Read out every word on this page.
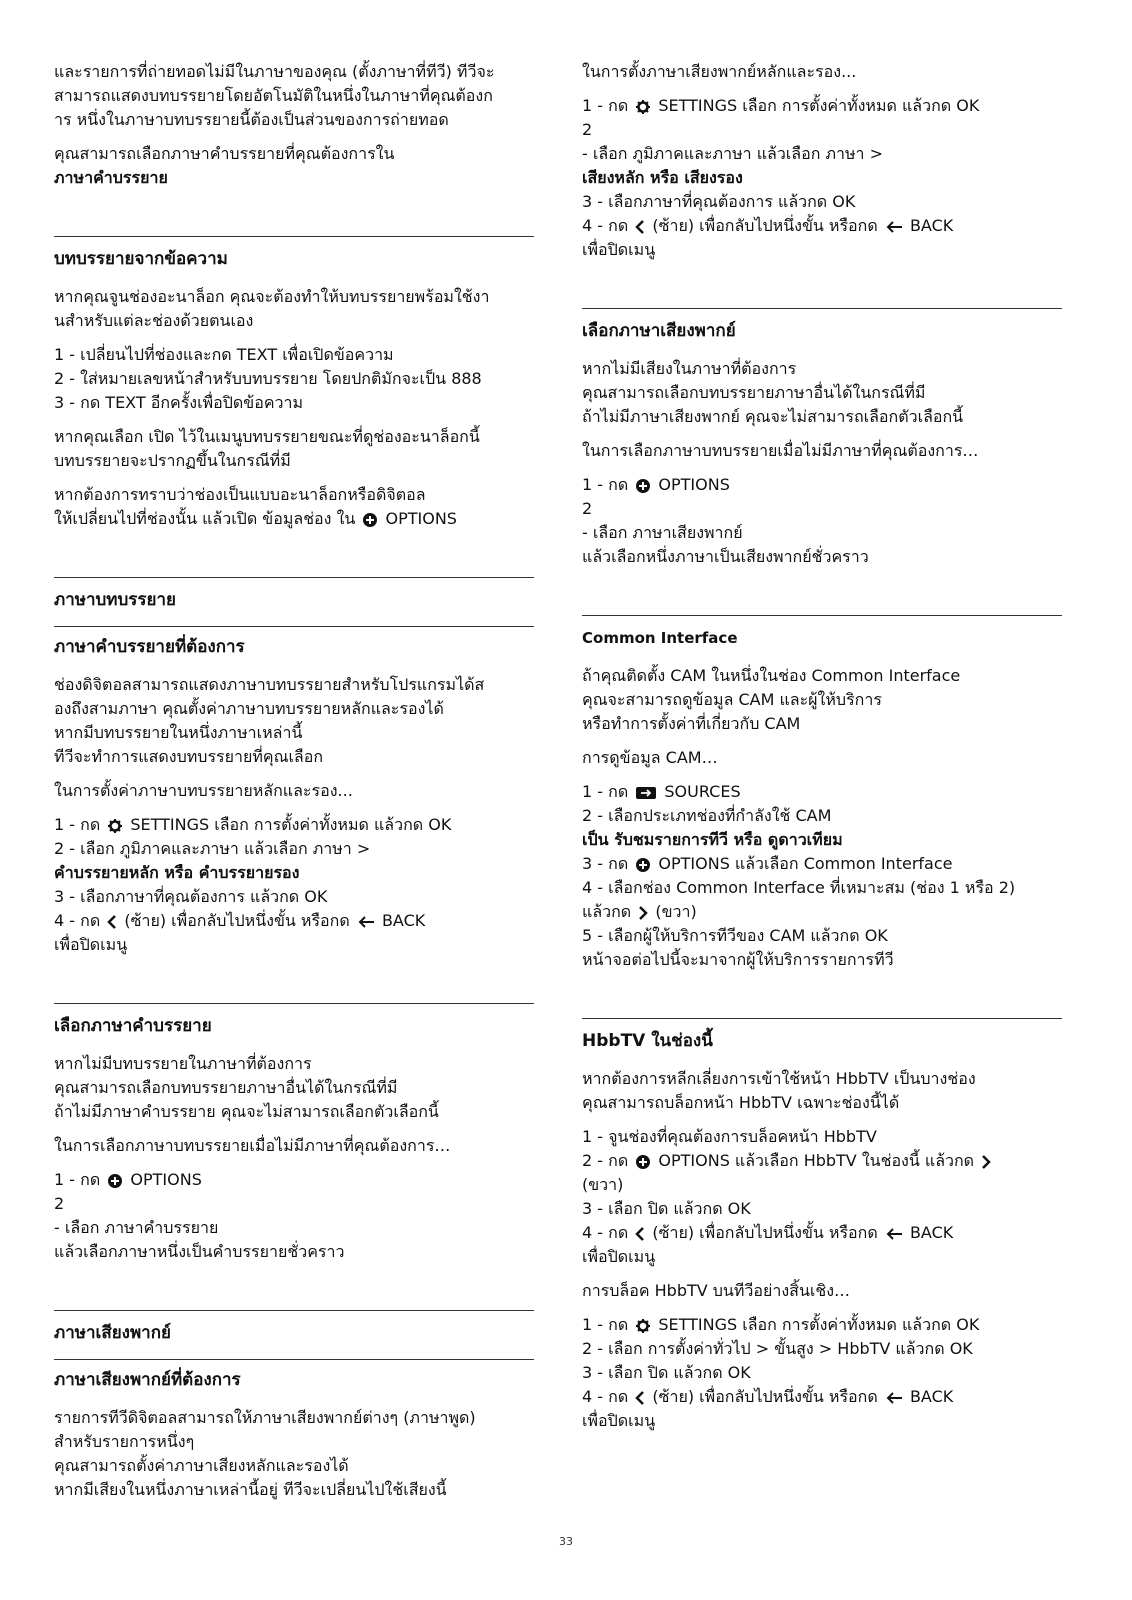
และรายการที่ถ่ายทอดไม่มีในภาษาของคุณ (ตั้งภาษาที่ทีวี) ทีวีจะ
สามารถแสดงบทบรรยายโดยอัตโนมัติในหนึ่งในภาษาที่คุณต้องก
าร หนึ่งในภาษาบทบรรยายนี้ต้องเป็นส่วนของการถ่ายทอด

คุณสามารถเลือกภาษาคำบรรยายที่คุณต้องการใน
ภาษาคำบรรยาย

บทบรรยายจากข้อความ

หากคุณจูนช่องอะนาล็อก คุณจะต้องทำให้บทบรรยายพร้อมใช้งา
นสำหรับแต่ละช่องด้วยตนเอง

1 - เปลี่ยนไปที่ช่องและกด TEXT เพื่อเปิดข้อความ
2 - ใส่หมายเลขหน้าสำหรับบทบรรยาย โดยปกติมักจะเป็น 888
3 - กด TEXT อีกครั้งเพื่อปิดข้อความ

หากคุณเลือก เปิด ไว้ในเมนูบทบรรยายขณะที่ดูช่องอะนาล็อกนี้
บทบรรยายจะปรากฏขึ้นในกรณีที่มี

หากต้องการทราบว่าช่องเป็นแบบอะนาล็อกหรือดิจิตอล
ให้เปลี่ยนไปที่ช่องนั้น แล้วเปิด ข้อมูลช่อง ใน OPTIONS

ภาษาบทบรรยาย
ภาษาคำบรรยายที่ต้องการ

ช่องดิจิตอลสามารถแสดงภาษาบทบรรยายสำหรับโปรแกรมได้ส
องถึงสามภาษา คุณตั้งค่าภาษาบทบรรยายหลักและรองได้
หากมีบทบรรยายในหนึ่งภาษาเหล่านี้
ทีวีจะทำการแสดงบทบรรยายที่คุณเลือก

ในการตั้งค่าภาษาบทบรรยายหลักและรอง...

1 - กด SETTINGS เลือก การตั้งค่าทั้งหมด แล้วกด OK
2 - เลือก ภูมิภาคและภาษา แล้วเลือก ภาษา >
คำบรรยายหลัก หรือ คำบรรยายรอง
3 - เลือกภาษาที่คุณต้องการ แล้วกด OK
4 - กด (ซ้าย) เพื่อกลับไปหนึ่งขั้น หรือกด BACK
เพื่อปิดเมนู

เลือกภาษาคำบรรยาย

หากไม่มีบทบรรยายในภาษาที่ต้องการ
คุณสามารถเลือกบทบรรยายภาษาอื่นได้ในกรณีที่มี
ถ้าไม่มีภาษาคำบรรยาย คุณจะไม่สามารถเลือกตัวเลือกนี้

ในการเลือกภาษาบทบรรยายเมื่อไม่มีภาษาที่คุณต้องการ…

1 - กด OPTIONS
2
- เลือก ภาษาคำบรรยาย
แล้วเลือกภาษาหนึ่งเป็นคำบรรยายชั่วคราว

ภาษาเสียงพากย์
ภาษาเสียงพากย์ที่ต้องการ

รายการทีวีดิจิตอลสามารถให้ภาษาเสียงพากย์ต่างๆ (ภาษาพูด)
สำหรับรายการหนึ่งๆ
คุณสามารถตั้งค่าภาษาเสียงหลักและรองได้
หากมีเสียงในหนึ่งภาษาเหล่านี้อยู่ ทีวีจะเปลี่ยนไปใช้เสียงนี้

ในการตั้งภาษาเสียงพากย์หลักและรอง...

1 - กด SETTINGS เลือก การตั้งค่าทั้งหมด แล้วกด OK
2
- เลือก ภูมิภาคและภาษา แล้วเลือก ภาษา >
เสียงหลัก หรือ เสียงรอง
3 - เลือกภาษาที่คุณต้องการ แล้วกด OK
4 - กด (ซ้าย) เพื่อกลับไปหนึ่งขั้น หรือกด BACK
เพื่อปิดเมนู

เลือกภาษาเสียงพากย์

หากไม่มีเสียงในภาษาที่ต้องการ
คุณสามารถเลือกบทบรรยายภาษาอื่นได้ในกรณีที่มี
ถ้าไม่มีภาษาเสียงพากย์ คุณจะไม่สามารถเลือกตัวเลือกนี้

ในการเลือกภาษาบทบรรยายเมื่อไม่มีภาษาที่คุณต้องการ…

1 - กด OPTIONS
2
- เลือก ภาษาเสียงพากย์
แล้วเลือกหนึ่งภาษาเป็นเสียงพากย์ชั่วคราว

Common Interface

ถ้าคุณติดตั้ง CAM ในหนึ่งในช่อง Common Interface
คุณจะสามารถดูข้อมูล CAM และผู้ให้บริการ
หรือทำการตั้งค่าที่เกี่ยวกับ CAM

การดูข้อมูล CAM…

1 - กด SOURCES
2 - เลือกประเภทช่องที่กำลังใช้ CAM
เป็น รับชมรายการทีวี หรือ ดูดาวเทียม
3 - กด OPTIONS แล้วเลือก Common Interface
4 - เลือกช่อง Common Interface ที่เหมาะสม (ช่อง 1 หรือ 2)
แล้วกด (ขวา)
5 - เลือกผู้ให้บริการทีวีของ CAM แล้วกด OK
หน้าจอต่อไปนี้จะมาจากผู้ให้บริการรายการทีวี

HbbTV ในช่องนี้

หากต้องการหลีกเลี่ยงการเข้าใช้หน้า HbbTV เป็นบางช่อง
คุณสามารถบล็อกหน้า HbbTV เฉพาะช่องนี้ได้

1 - จูนช่องที่คุณต้องการบล็อคหน้า HbbTV
2 - กด OPTIONS แล้วเลือก HbbTV ในช่องนี้ แล้วกด
(ขวา)
3 - เลือก ปิด แล้วกด OK
4 - กด (ซ้าย) เพื่อกลับไปหนึ่งขั้น หรือกด BACK
เพื่อปิดเมนู

การบล็อค HbbTV บนทีวีอย่างสิ้นเชิง…

1 - กด SETTINGS เลือก การตั้งค่าทั้งหมด แล้วกด OK
2 - เลือก การตั้งค่าทั่วไป > ขั้นสูง > HbbTV แล้วกด OK
3 - เลือก ปิด แล้วกด OK
4 - กด (ซ้าย) เพื่อกลับไปหนึ่งขั้น หรือกด BACK
เพื่อปิดเมนู

33
